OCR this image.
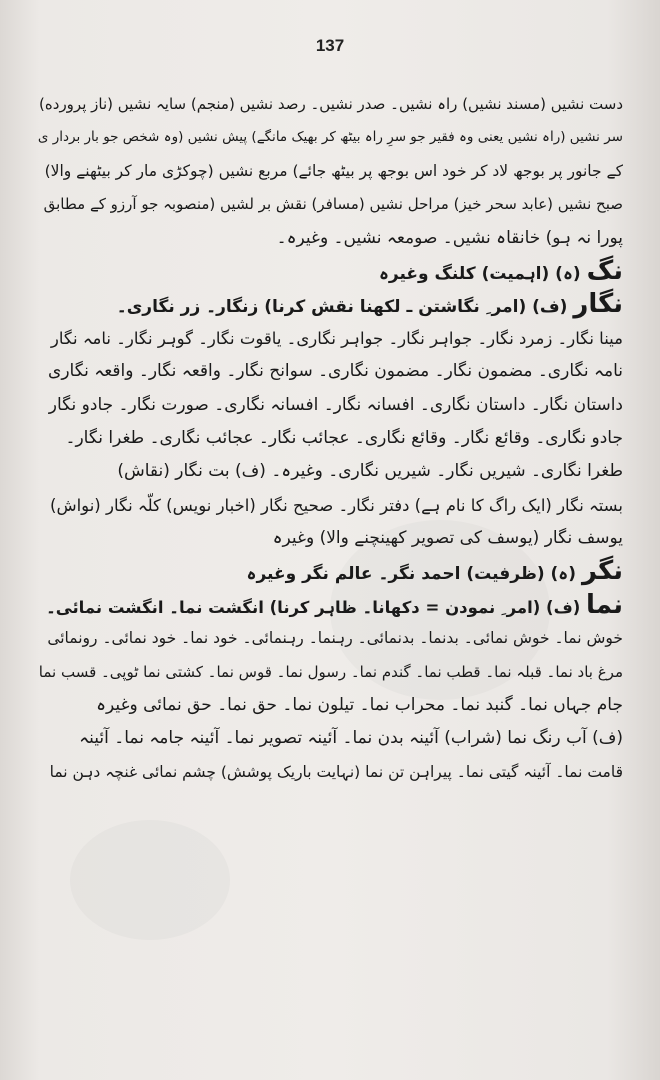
137
دست نشیں (مسند نشیں) راہ نشیں۔ صدر نشیں۔ رصد نشیں (منجم) سایہ نشیں (ناز پرورده)
سر نشیں (راہ نشیں یعنی وہ فقیر جو سرِ راہ بیٹھ کر بھیک مانگے) پیش نشیں (وہ شخص جو بار بردار ی
کے جانور پر بوجھ لاد کر خود اس بوجھ پر بیٹھ جائے) مربع نشیں (چوکڑی مار کر بیٹھنے والا)
صبح نشیں (عابد سحر خیز) مراحل نشیں (مسافر) نقش بر لشیں (منصوبہ جو آرزو کے مطابق
پورا نہ ہو) خانقاہ نشیں۔ صومعہ نشیں۔ وغیرہ۔
نگ (ہ) (اہمیت) کلنگ وغیرہ
نگار (ف) (امر ِ نگاشتن ـ لکھنا نقش کرنا) زنگار۔ زر نگاری۔
مینا نگار۔ زمرد نگار۔ جواہر نگار۔ جواہر نگاری۔ یاقوت نگار۔ گوہر نگار۔ نامہ نگار
نامہ نگاری۔ مضمون نگار۔ مضمون نگاری۔ سوانح نگار۔ واقعہ نگار۔ واقعہ نگاری
داستان نگار۔ داستان نگاری۔ افسانہ نگار۔ افسانہ نگاری۔ صورت نگار۔ جادو نگار
جادو نگاری۔ وقائع نگار۔ وقائع نگاری۔ عجائب نگار۔ عجائب نگاری۔ طغرا نگار۔
طغرا نگاری۔ شیریں نگار۔ شیریں نگاری۔ وغیرہ۔ (ف) بت نگار (نقاش)
بستہ نگار (ایک راگ کا نام ہے) دفتر نگار۔ صحیح نگار (اخبار نویس) کلّہ نگار (نواش)
یوسف نگار (یوسف کی تصویر کھینچنے والا) وغیرہ
نگر (ہ) (ظرفیت) احمد نگر۔ عالم نگر وغیرہ
نما (ف) (امر ِ نمودن = دکھانا۔ ظاہر کرنا) انگشت نما۔ انگشت نمائی۔
خوش نما۔ خوش نمائی۔ بدنما۔ بدنمائی۔ رہنما۔ رہنمائی۔ خود نما۔ خود نمائی۔ رونمائی
مرغ باد نما۔ قبلہ نما۔ قطب نما۔ گندم نما۔ رسول نما۔ قوس نما۔ کشتی نما ٹوپی۔ قسب نما
جام جہاں نما۔ گنبد نما۔ محراب نما۔ تیلون نما۔ حق نما۔ حق نمائی وغیرہ
(ف) آب رنگ نما (شراب) آئینہ بدن نما۔ آئینہ تصویر نما۔ آئینہ جامہ نما۔ آئینہ
قامت نما۔ آئینہ گیتی نما۔ پیراہن تن نما (نہایت باریک پوشش) چشم نمائی غنچہ دہن نما
